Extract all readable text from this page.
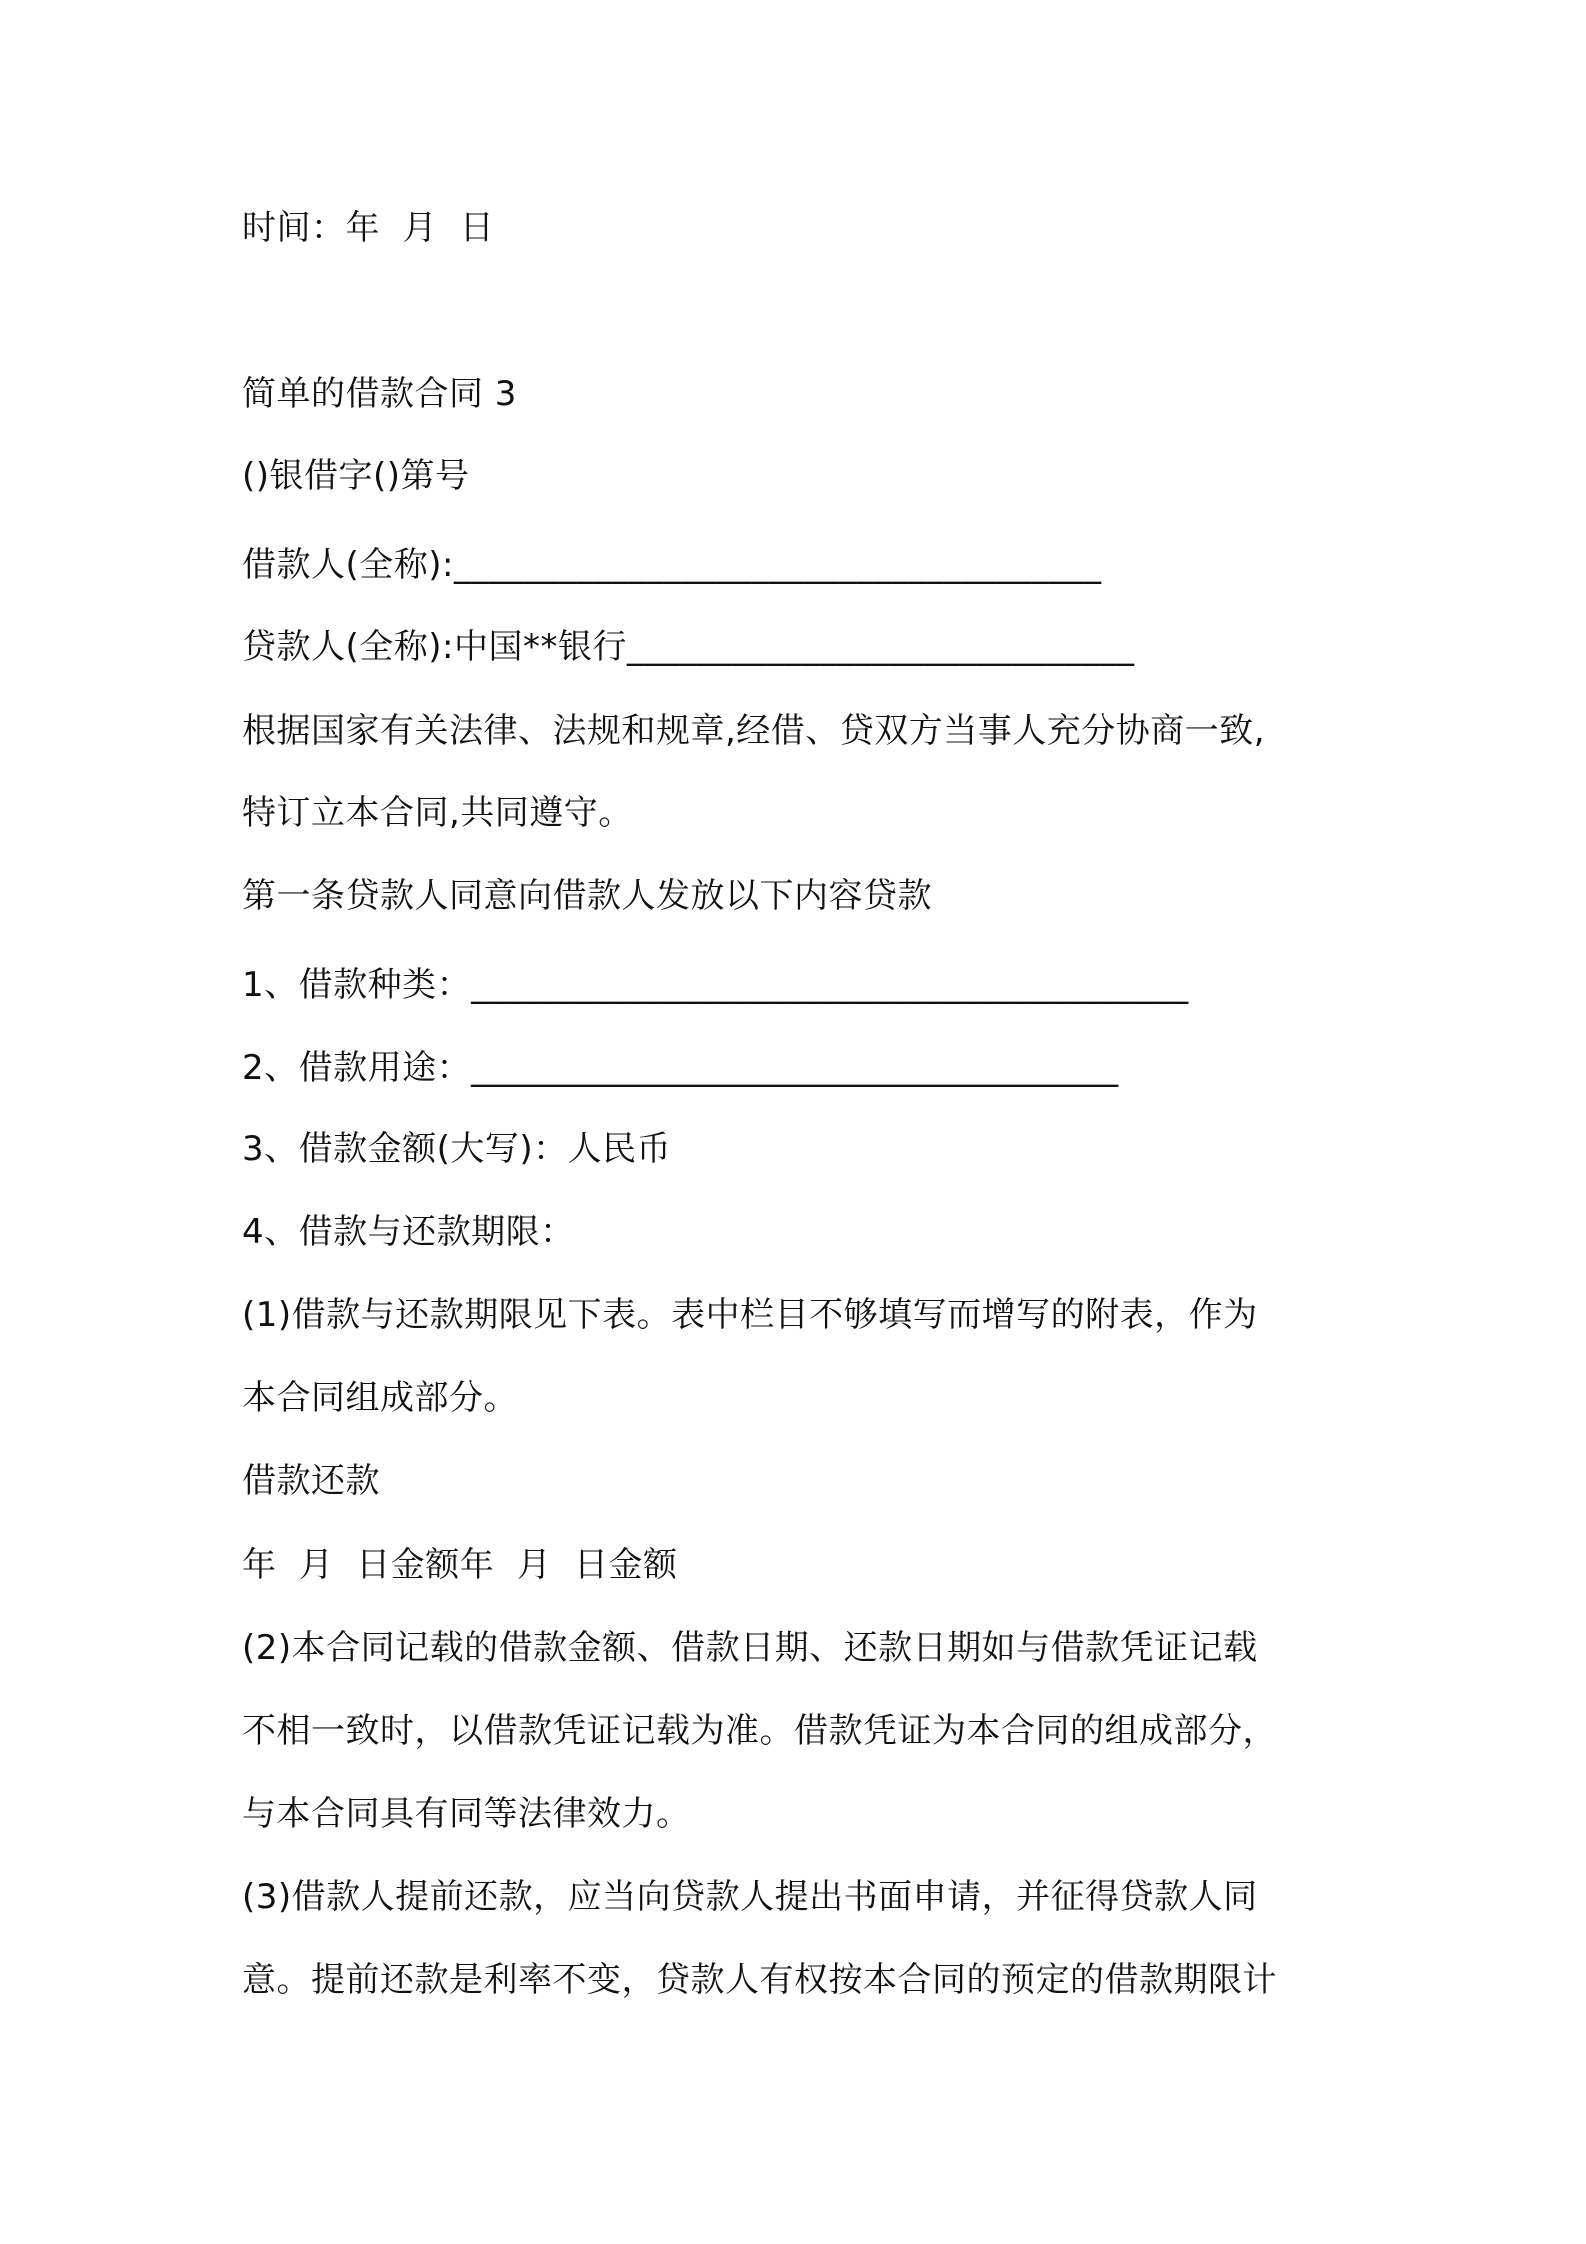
时间：年  月  日
简单的借款合同 3
()银借字()第号
借款人(全称):_____________________________________
贷款人(全称):中国**银行_____________________________
根据国家有关法律、法规和规章,经借、贷双方当事人充分协商一致,
特订立本合同,共同遵守。
第一条贷款人同意向借款人发放以下内容贷款
1、借款种类：_________________________________________
2、借款用途：_____________________________________
3、借款金额(大写)：人民币
4、借款与还款期限：
(1)借款与还款期限见下表。表中栏目不够填写而增写的附表，作为
本合同组成部分。
借款还款
年  月  日金额年  月  日金额
(2)本合同记载的借款金额、借款日期、还款日期如与借款凭证记载
不相一致时，以借款凭证记载为准。借款凭证为本合同的组成部分，
与本合同具有同等法律效力。
(3)借款人提前还款，应当向贷款人提出书面申请，并征得贷款人同
意。提前还款是利率不变，贷款人有权按本合同的预定的借款期限计
